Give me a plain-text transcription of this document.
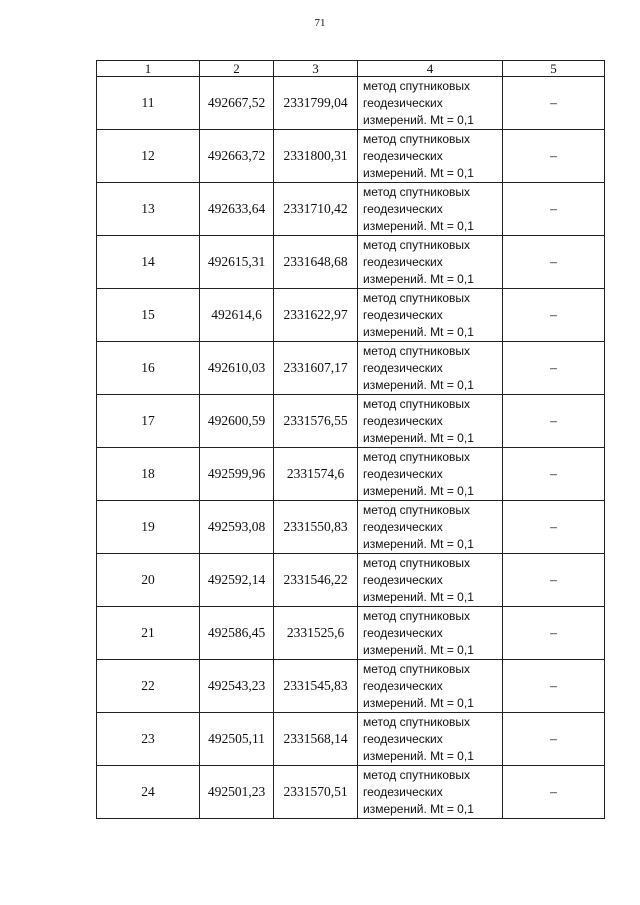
71
1	2	3	4	5
11	492667,52	2331799,04	метод спутниковых геодезических измерений. Mt = 0,1	–
12	492663,72	2331800,31	метод спутниковых геодезических измерений. Mt = 0,1	–
13	492633,64	2331710,42	метод спутниковых геодезических измерений. Mt = 0,1	–
14	492615,31	2331648,68	метод спутниковых геодезических измерений. Mt = 0,1	–
15	492614,6	2331622,97	метод спутниковых геодезических измерений. Mt = 0,1	–
16	492610,03	2331607,17	метод спутниковых геодезических измерений. Mt = 0,1	–
17	492600,59	2331576,55	метод спутниковых геодезических измерений. Mt = 0,1	–
18	492599,96	2331574,6	метод спутниковых геодезических измерений. Mt = 0,1	–
19	492593,08	2331550,83	метод спутниковых геодезических измерений. Mt = 0,1	–
20	492592,14	2331546,22	метод спутниковых геодезических измерений. Mt = 0,1	–
21	492586,45	2331525,6	метод спутниковых геодезических измерений. Mt = 0,1	–
22	492543,23	2331545,83	метод спутниковых геодезических измерений. Mt = 0,1	–
23	492505,11	2331568,14	метод спутниковых геодезических измерений. Mt = 0,1	–
24	492501,23	2331570,51	метод спутниковых геодезических измерений. Mt = 0,1	–
